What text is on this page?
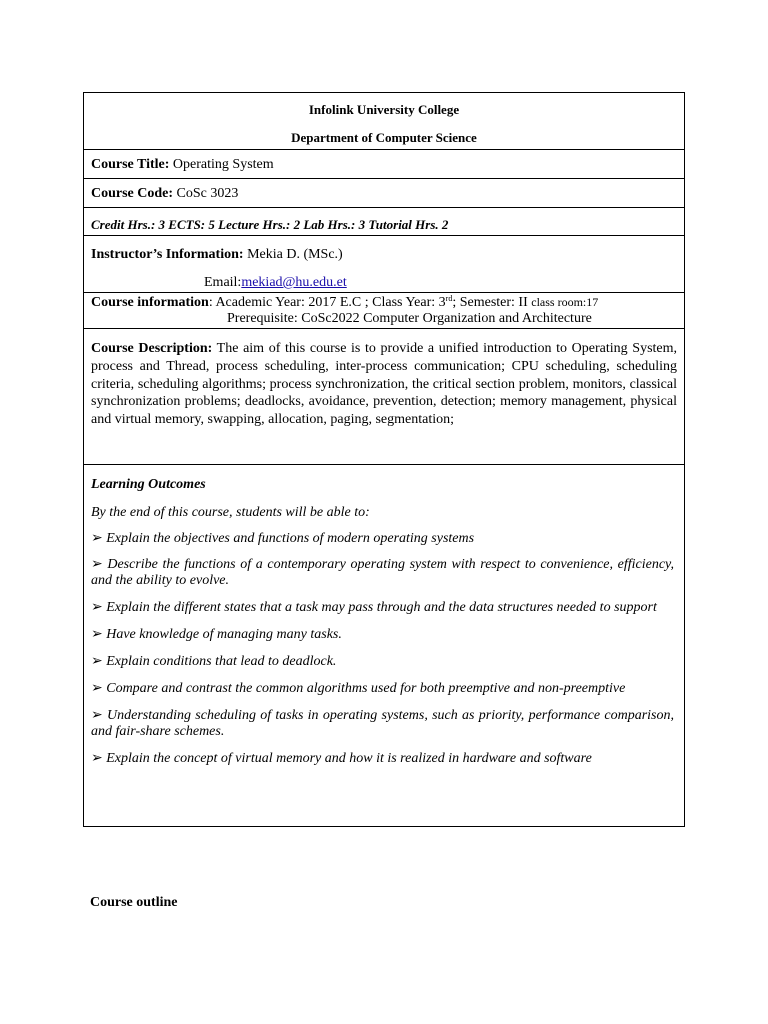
Infolink University College
Department of Computer Science
Course Title: Operating System
Course Code: CoSc 3023
Credit Hrs.: 3 ECTS: 5 Lecture Hrs.: 2 Lab Hrs.: 3 Tutorial Hrs. 2
Instructor’s Information: Mekia D. (MSc.)
Email:mekiad@hu.edu.et
Course information: Academic Year: 2017 E.C ; Class Year: 3rd; Semester: II class room:17
Prerequisite: CoSc2022 Computer Organization and Architecture
Course Description: The aim of this course is to provide a unified introduction to Operating System, process and Thread, process scheduling, inter-process communication; CPU scheduling, scheduling criteria, scheduling algorithms; process synchronization, the critical section problem, monitors, classical synchronization problems; deadlocks, avoidance, prevention, detection; memory management, physical and virtual memory, swapping, allocation, paging, segmentation;
Learning Outcomes
By the end of this course, students will be able to:
➢ Explain the objectives and functions of modern operating systems
➢ Describe the functions of a contemporary operating system with respect to convenience, efficiency, and the ability to evolve.
➢ Explain the different states that a task may pass through and the data structures needed to support
➢ Have knowledge of managing many tasks.
➢ Explain conditions that lead to deadlock.
➢ Compare and contrast the common algorithms used for both preemptive and non-preemptive
➢ Understanding scheduling of tasks in operating systems, such as priority, performance comparison, and fair-share schemes.
➢ Explain the concept of virtual memory and how it is realized in hardware and software
Course outline
